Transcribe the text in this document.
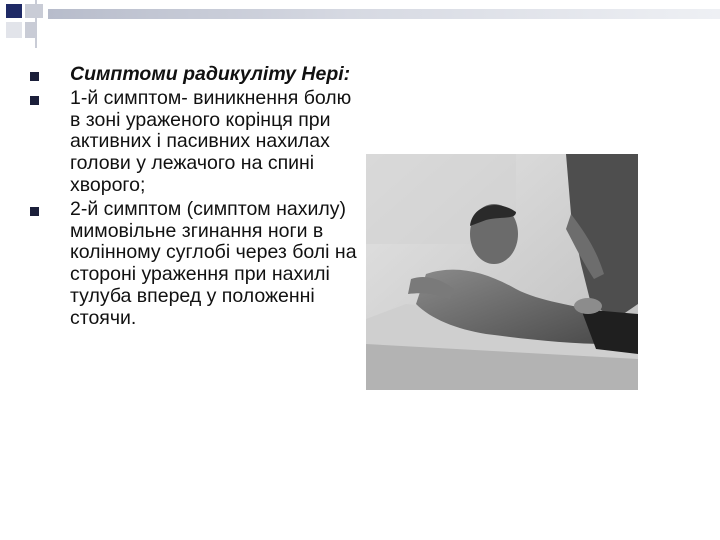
Симптоми радикуліту Нері:
1-й симптом- виникнення болю в зоні ураженого корінця при активних і пасивних нахилах голови у лежачого на спині хворого;
2-й симптом (симптом нахилу) мимовільне згинання ноги в колінному суглобі через болі на стороні ураження при нахилі тулуба вперед у положенні стоячи.
